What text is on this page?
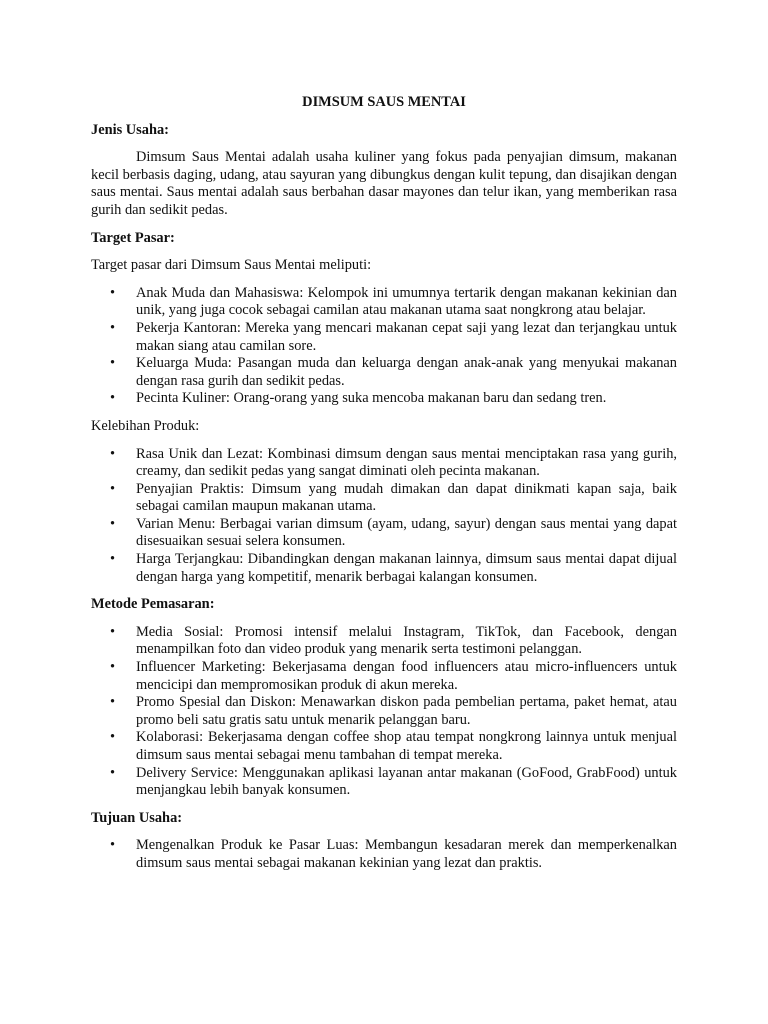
DIMSUM SAUS MENTAI
Jenis Usaha:
Dimsum Saus Mentai adalah usaha kuliner yang fokus pada penyajian dimsum, makanan kecil berbasis daging, udang, atau sayuran yang dibungkus dengan kulit tepung, dan disajikan dengan saus mentai. Saus mentai adalah saus berbahan dasar mayones dan telur ikan, yang memberikan rasa gurih dan sedikit pedas.
Target Pasar:
Target pasar dari Dimsum Saus Mentai meliputi:
• Anak Muda dan Mahasiswa: Kelompok ini umumnya tertarik dengan makanan kekinian dan unik, yang juga cocok sebagai camilan atau makanan utama saat nongkrong atau belajar.
• Pekerja Kantoran: Mereka yang mencari makanan cepat saji yang lezat dan terjangkau untuk makan siang atau camilan sore.
• Keluarga Muda: Pasangan muda dan keluarga dengan anak-anak yang menyukai makanan dengan rasa gurih dan sedikit pedas.
• Pecinta Kuliner: Orang-orang yang suka mencoba makanan baru dan sedang tren.
Kelebihan Produk:
• Rasa Unik dan Lezat: Kombinasi dimsum dengan saus mentai menciptakan rasa yang gurih, creamy, dan sedikit pedas yang sangat diminati oleh pecinta makanan.
• Penyajian Praktis: Dimsum yang mudah dimakan dan dapat dinikmati kapan saja, baik sebagai camilan maupun makanan utama.
• Varian Menu: Berbagai varian dimsum (ayam, udang, sayur) dengan saus mentai yang dapat disesuaikan sesuai selera konsumen.
• Harga Terjangkau: Dibandingkan dengan makanan lainnya, dimsum saus mentai dapat dijual dengan harga yang kompetitif, menarik berbagai kalangan konsumen.
Metode Pemasaran:
• Media Sosial: Promosi intensif melalui Instagram, TikTok, dan Facebook, dengan menampilkan foto dan video produk yang menarik serta testimoni pelanggan.
• Influencer Marketing: Bekerjasama dengan food influencers atau micro-influencers untuk mencicipi dan mempromosikan produk di akun mereka.
• Promo Spesial dan Diskon: Menawarkan diskon pada pembelian pertama, paket hemat, atau promo beli satu gratis satu untuk menarik pelanggan baru.
• Kolaborasi: Bekerjasama dengan coffee shop atau tempat nongkrong lainnya untuk menjual dimsum saus mentai sebagai menu tambahan di tempat mereka.
• Delivery Service: Menggunakan aplikasi layanan antar makanan (GoFood, GrabFood) untuk menjangkau lebih banyak konsumen.
Tujuan Usaha:
• Mengenalkan Produk ke Pasar Luas: Membangun kesadaran merek dan memperkenalkan dimsum saus mentai sebagai makanan kekinian yang lezat dan praktis.
